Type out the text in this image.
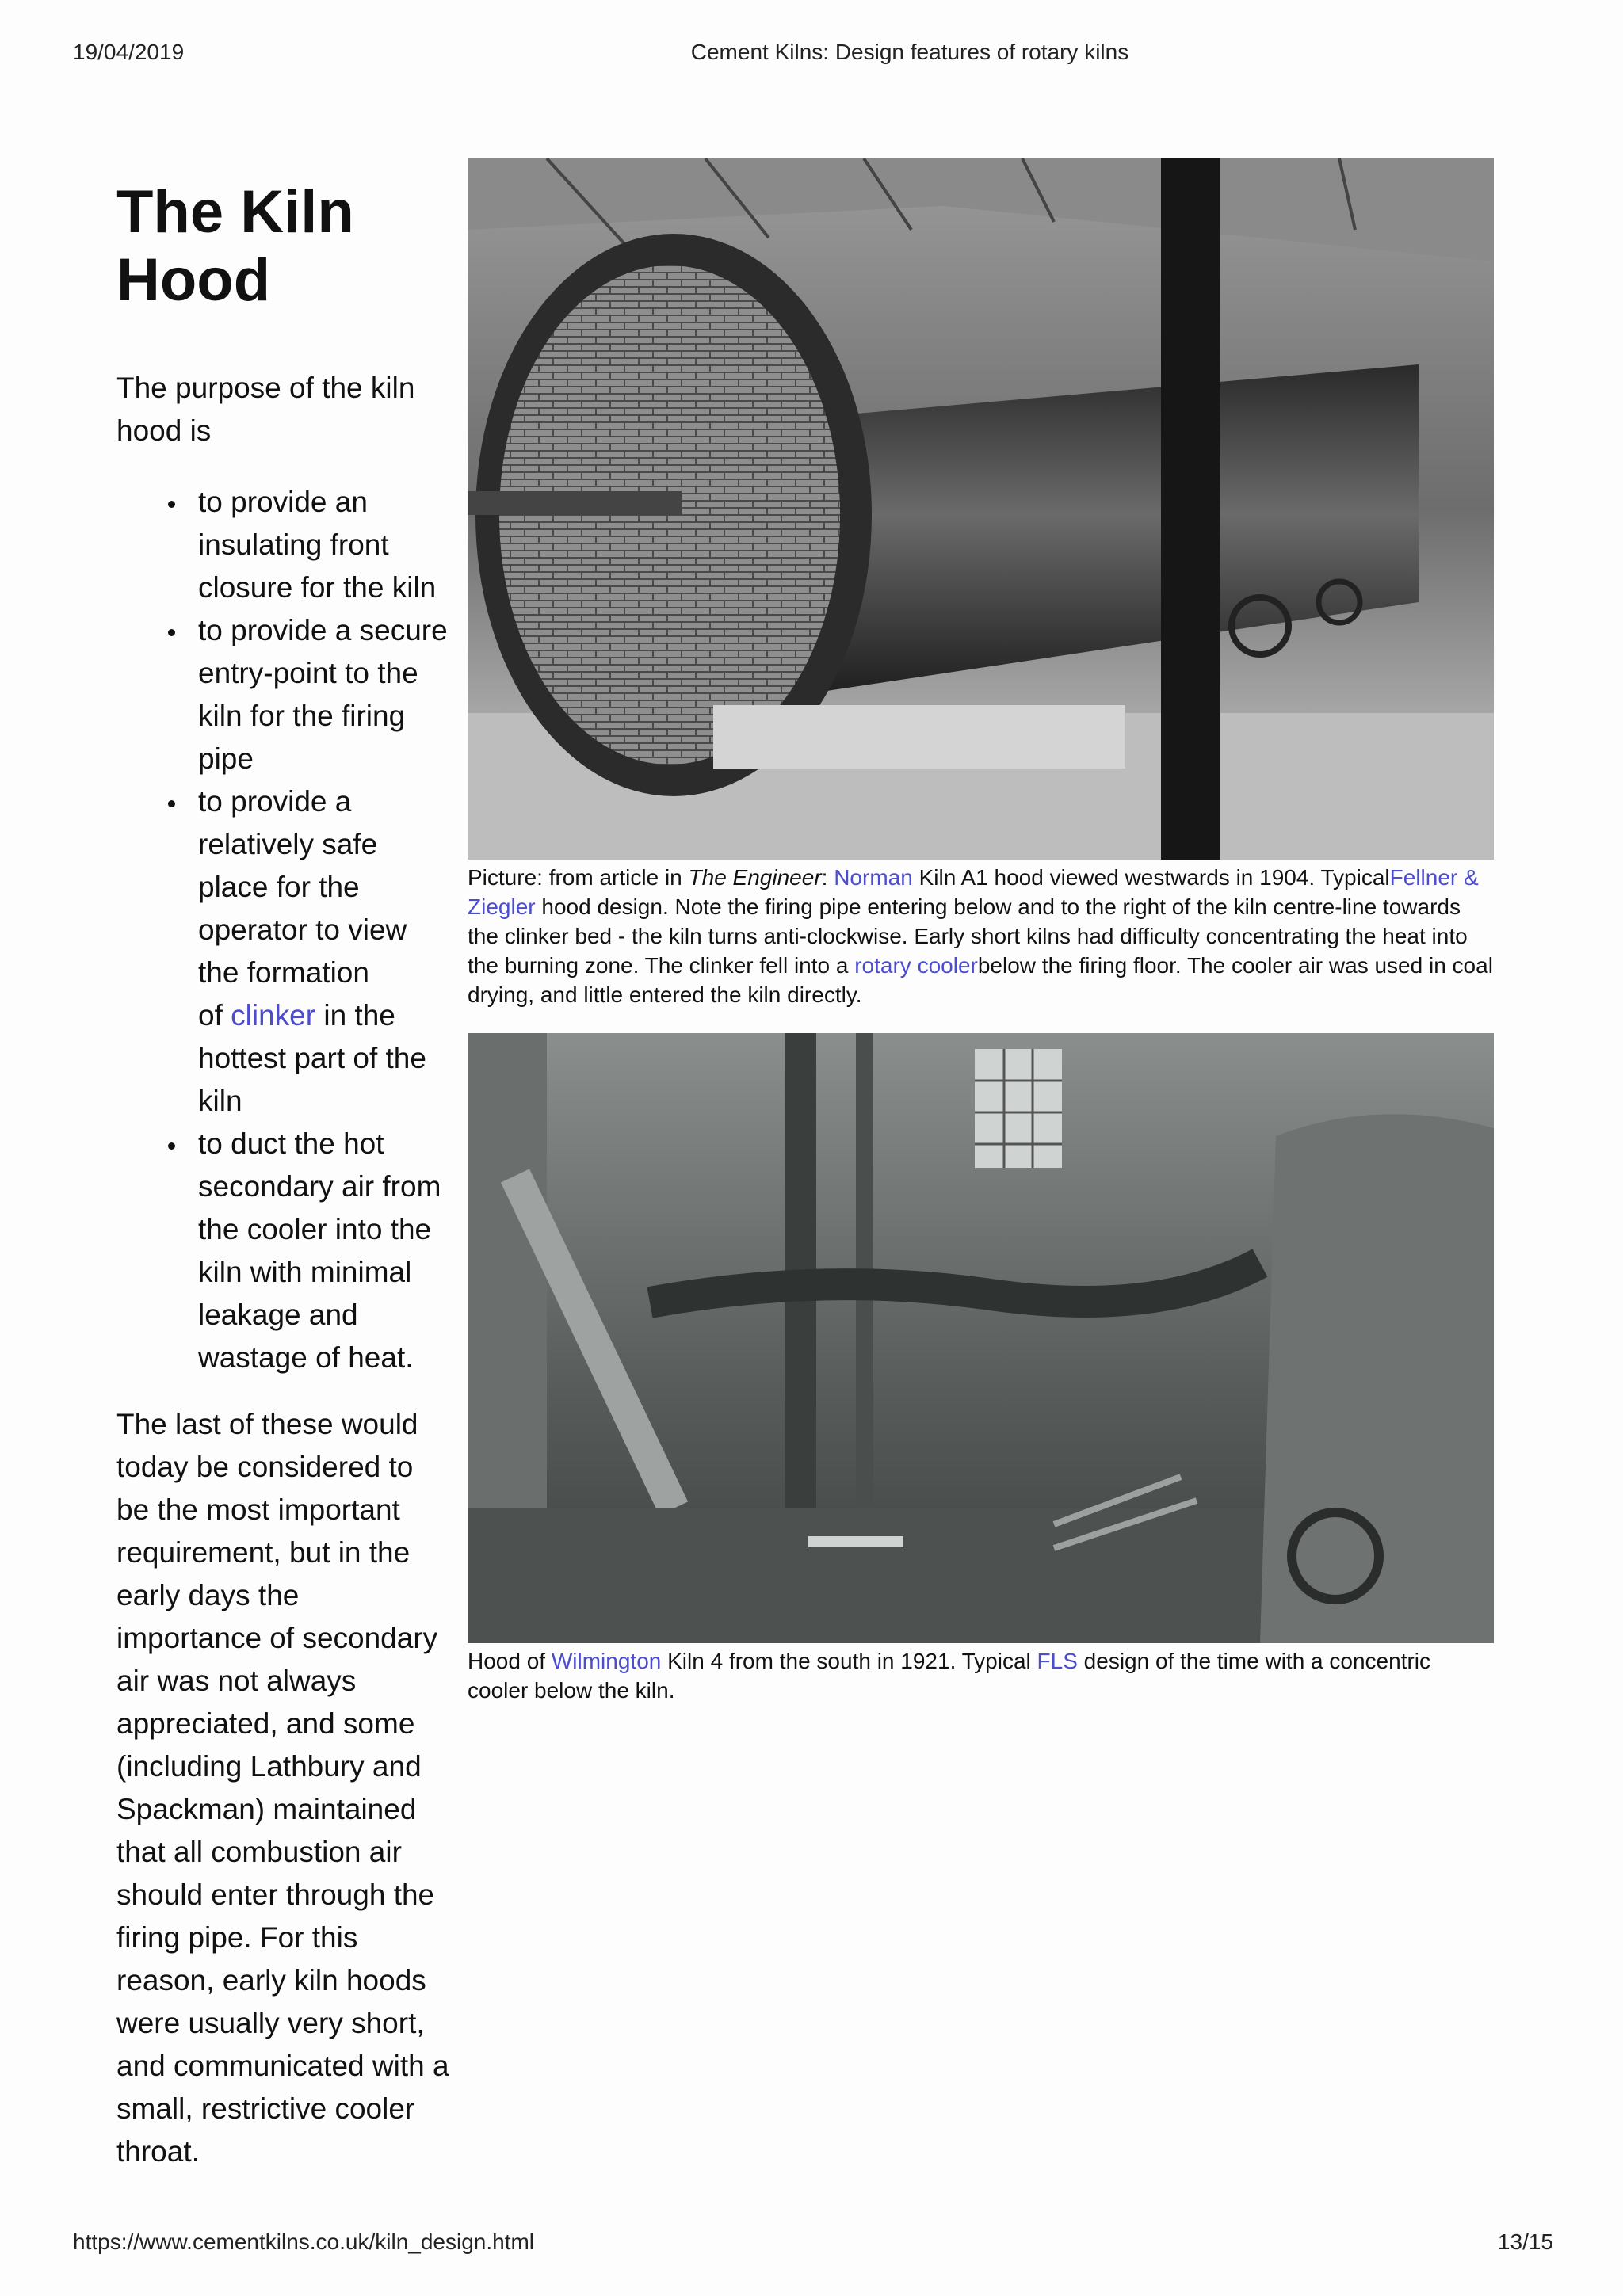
19/04/2019	Cement Kilns: Design features of rotary kilns
The Kiln
Hood

The purpose of the kiln hood is

to provide an insulating front closure for the kiln
to provide a secure entry-point to the kiln for the firing pipe
to provide a relatively safe place for the operator to view the formation of clinker in the hottest part of the kiln
to duct the hot secondary air from the cooler into the kiln with minimal leakage and wastage of heat.

The last of these would today be considered to be the most important requirement, but in the early days the importance of secondary air was not always appreciated, and some (including Lathbury and Spackman) maintained that all combustion air should enter through the firing pipe. For this reason, early kiln hoods were usually very short, and communicated with a small, restrictive cooler throat.

Picture: from article in The Engineer: Norman Kiln A1 hood viewed westwards in 1904. TypicalFellner & Ziegler hood design. Note the firing pipe entering below and to the right of the kiln centre-line towards the clinker bed - the kiln turns anti-clockwise. Early short kilns had difficulty concentrating the heat into the burning zone. The clinker fell into a rotary coolerbelow the firing floor. The cooler air was used in coal drying, and little entered the kiln directly.
Hood of Wilmington Kiln 4 from the south in 1921. Typical FLS design of the time with a concentric cooler below the kiln.
https://www.cementkilns.co.uk/kiln_design.html	13/15
